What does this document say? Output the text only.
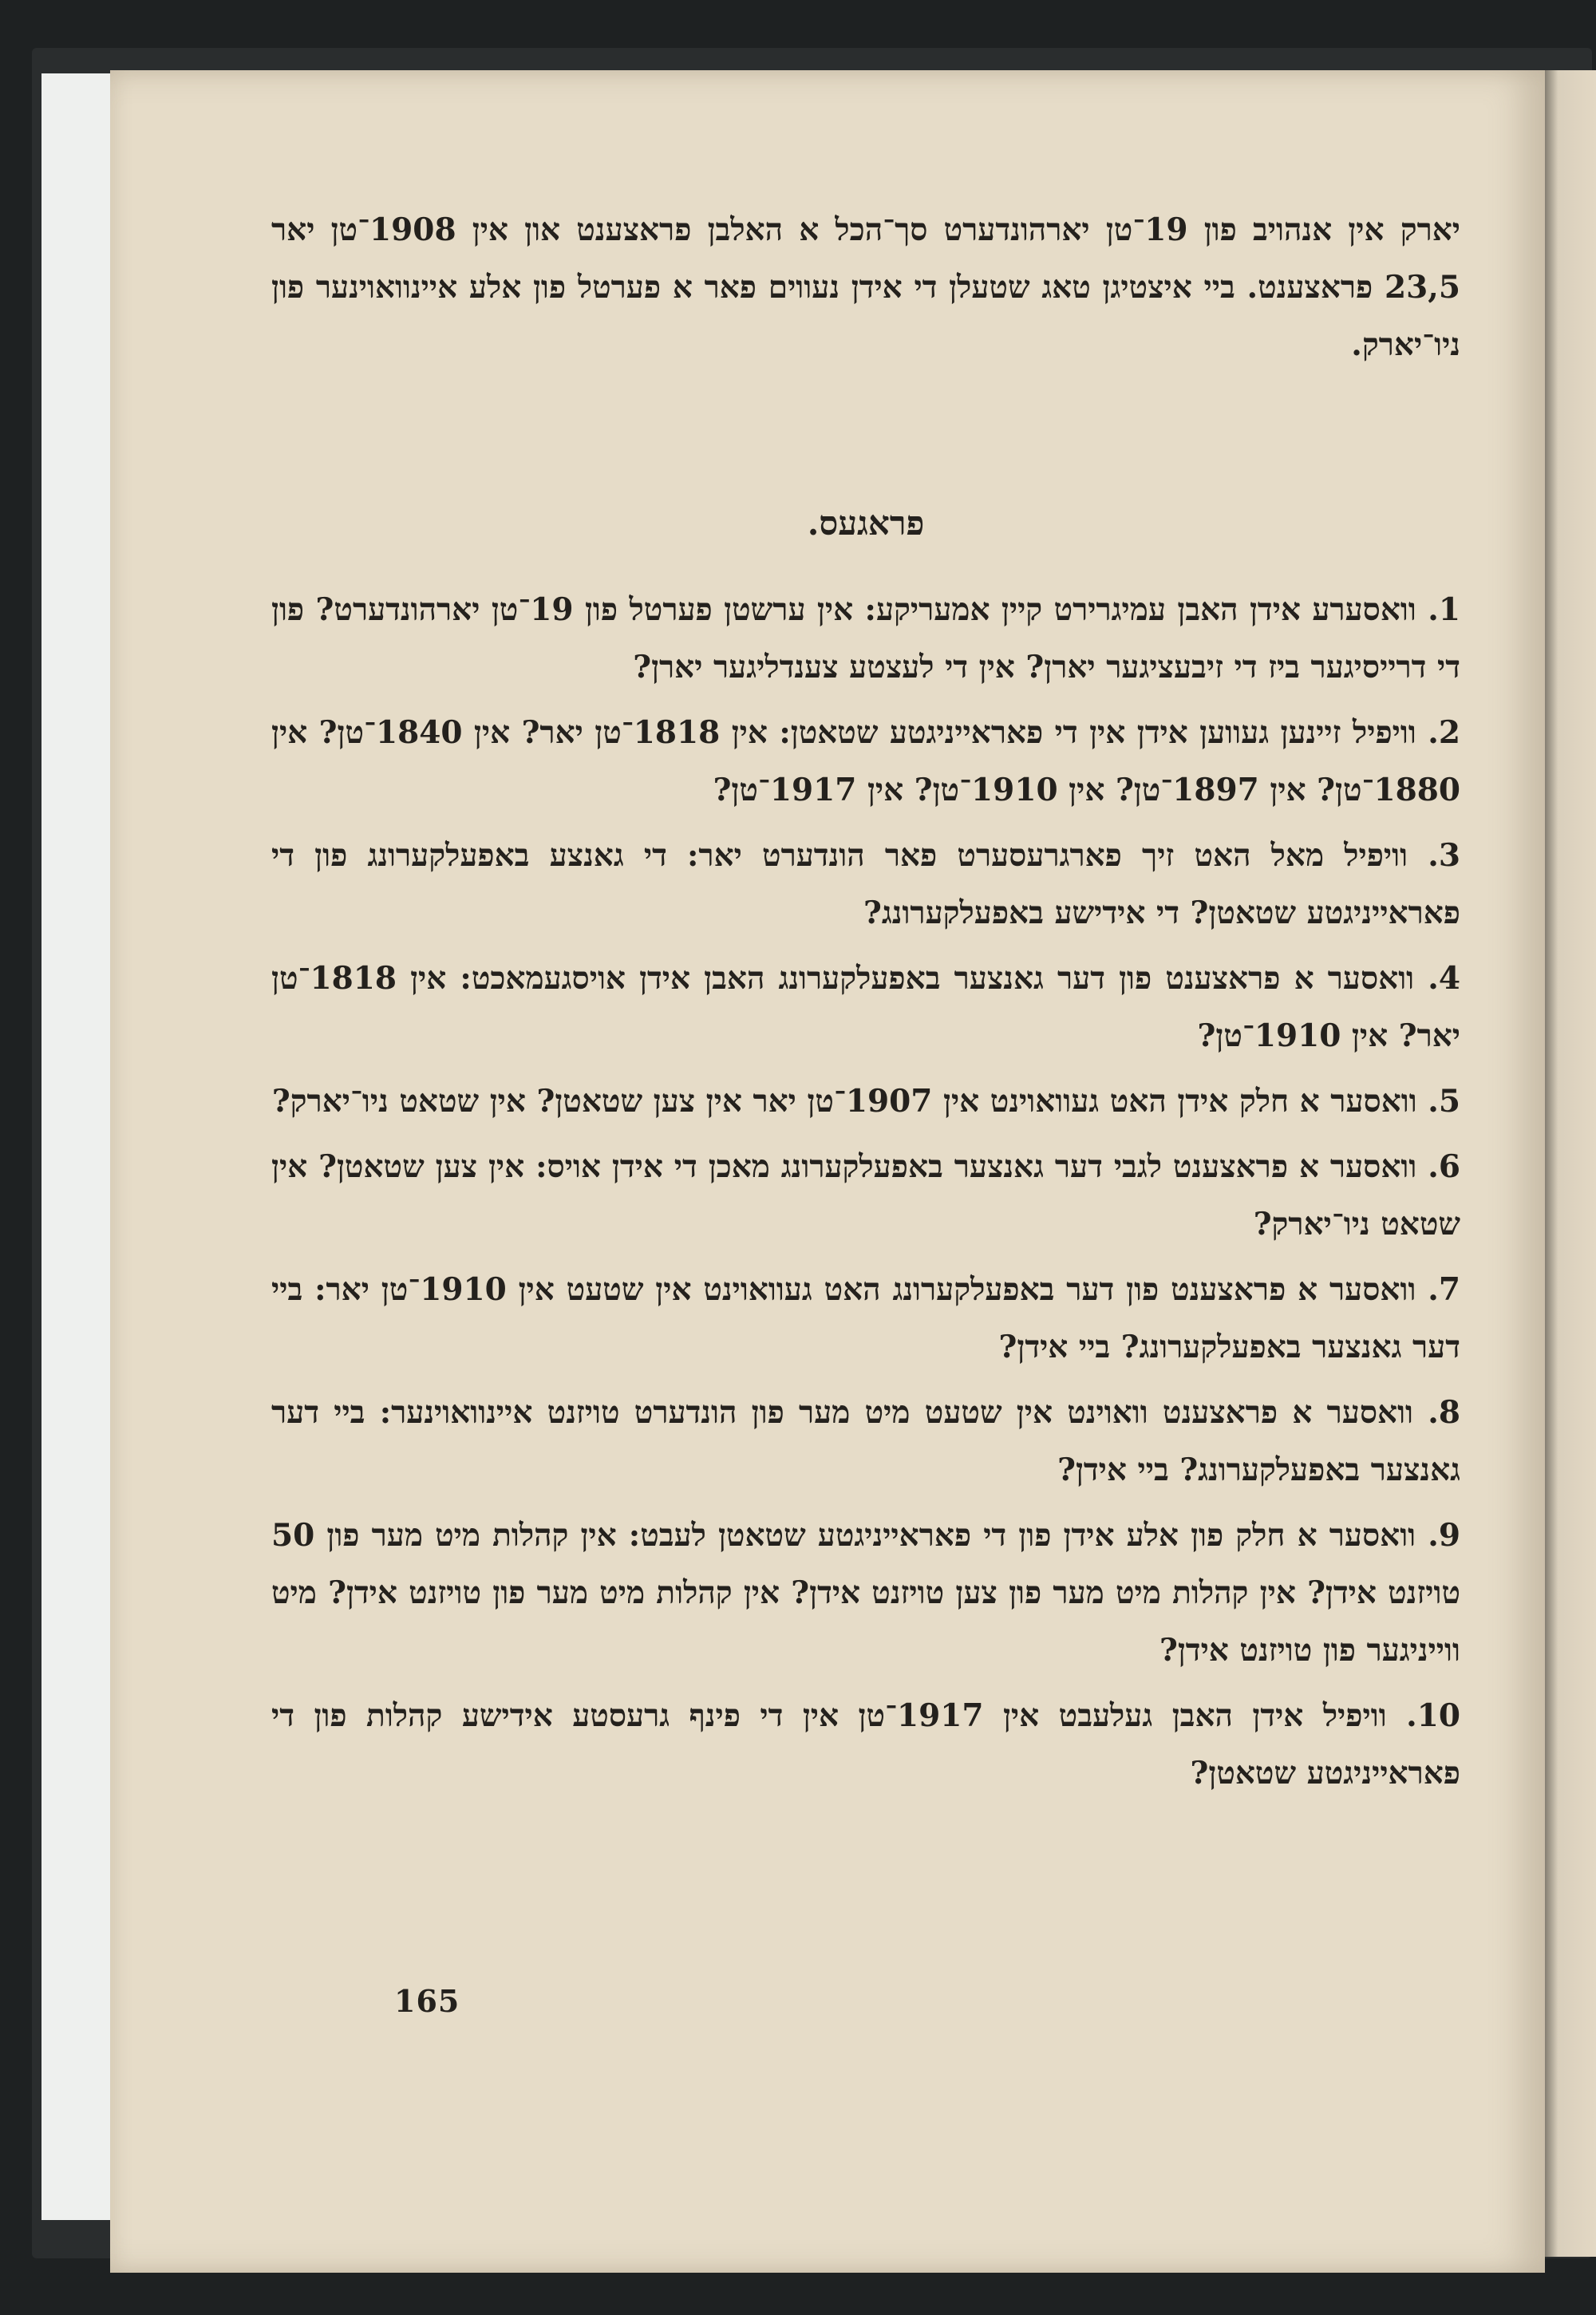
יארק אין אנהויב פון 19־טן יארהונדערט סך־הכל א האלבן פראצענט און אין 1908־טן יאר 23,5 פראצענט. ביי איצטיגן טאג שטעלן די אידן נעווים פאר א פערטל פון אלע איינוואוינער פון ניו־יארק.

פראגעס.

1. וואסערע אידן האבן עמיגרירט קיין אמעריקע: אין ערשטן פערטל פון 19־טן יארהונדערט? פון די דרייסיגער ביז די זיבעציגער יארן? אין די לעצטע צענדליגער יארן?

2. וויפיל זיינען געווען אידן אין די פאראייניגטע שטאטן: אין 1818־טן יאר? אין 1840־טן? אין 1880־טן? אין 1897־טן? אין 1910־טן? אין 1917־טן?

3. וויפיל מאל האט זיך פארגרעסערט פאר הונדערט יאר: די גאנצע באפעלקערונג פון די פאראייניגטע שטאטן? די אידישע באפעלקערונג?

4. וואסער א פראצענט פון דער גאנצער באפעלקערונג האבן אידן אויסגעמאכט: אין 1818־טן יאר? אין 1910־טן?

5. וואסער א חלק אידן האט געוואוינט אין 1907־טן יאר אין צען שטאטן? אין שטאט ניו־יארק?

6. וואסער א פראצענט לגבי דער גאנצער באפעלקערונג מאכן די אידן אויס: אין צען שטאטן? אין שטאט ניו־יארק?

7. וואסער א פראצענט פון דער באפעלקערונג האט געוואוינט אין שטעט אין 1910־טן יאר: ביי דער גאנצער באפעלקערונג? ביי אידן?

8. וואסער א פראצענט וואוינט אין שטעט מיט מער פון הונדערט טויזנט איינוואוינער: ביי דער גאנצער באפעלקערונג? ביי אידן?

9. וואסער א חלק פון אלע אידן פון די פאראייניגטע שטאטן לעבט: אין קהלות מיט מער פון 50 טויזנט אידן? אין קהלות מיט מער פון צען טויזנט אידן? אין קהלות מיט מער פון טויזנט אידן? מיט ווייניגער פון טויזנט אידן?

10. וויפיל אידן האבן געלעבט אין 1917־טן אין די פינף גרעסטע אידישע קהלות פון די פאראייניגטע שטאטן?

165
